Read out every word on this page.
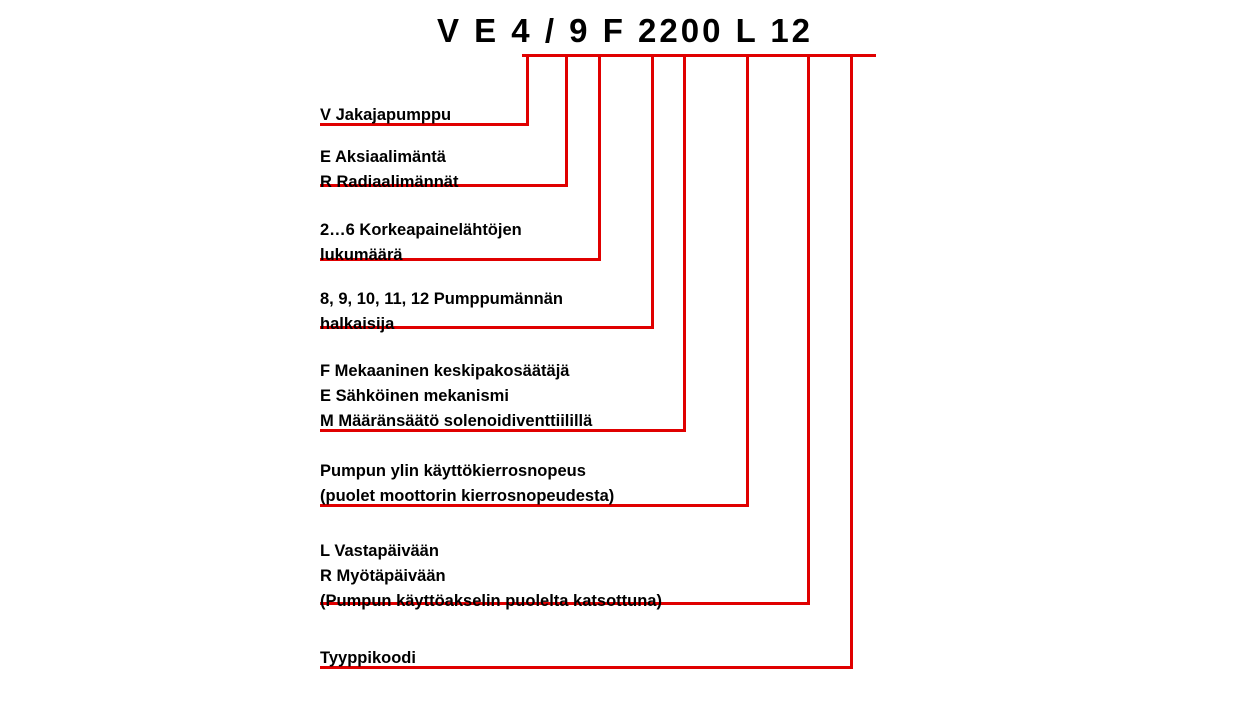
V E 4 / 9 F 2200 L 12
V Jakajapumppu
E Aksiaalimäntä
R Radiaalimännät
2…6 Korkeapainelähtöjen
lukumäärä
8, 9, 10, 11, 12 Pumppumännän
halkaisija
F Mekaaninen keskipakosäätäjä
E Sähköinen mekanismi
M Määränsäätö solenoidiventtiilillä
Pumpun ylin käyttökierrosnopeus
(puolet moottorin kierrosnopeudesta)
L Vastapäivään
R Myötäpäivään
(Pumpun käyttöakselin puolelta katsottuna)
Tyyppikoodi
